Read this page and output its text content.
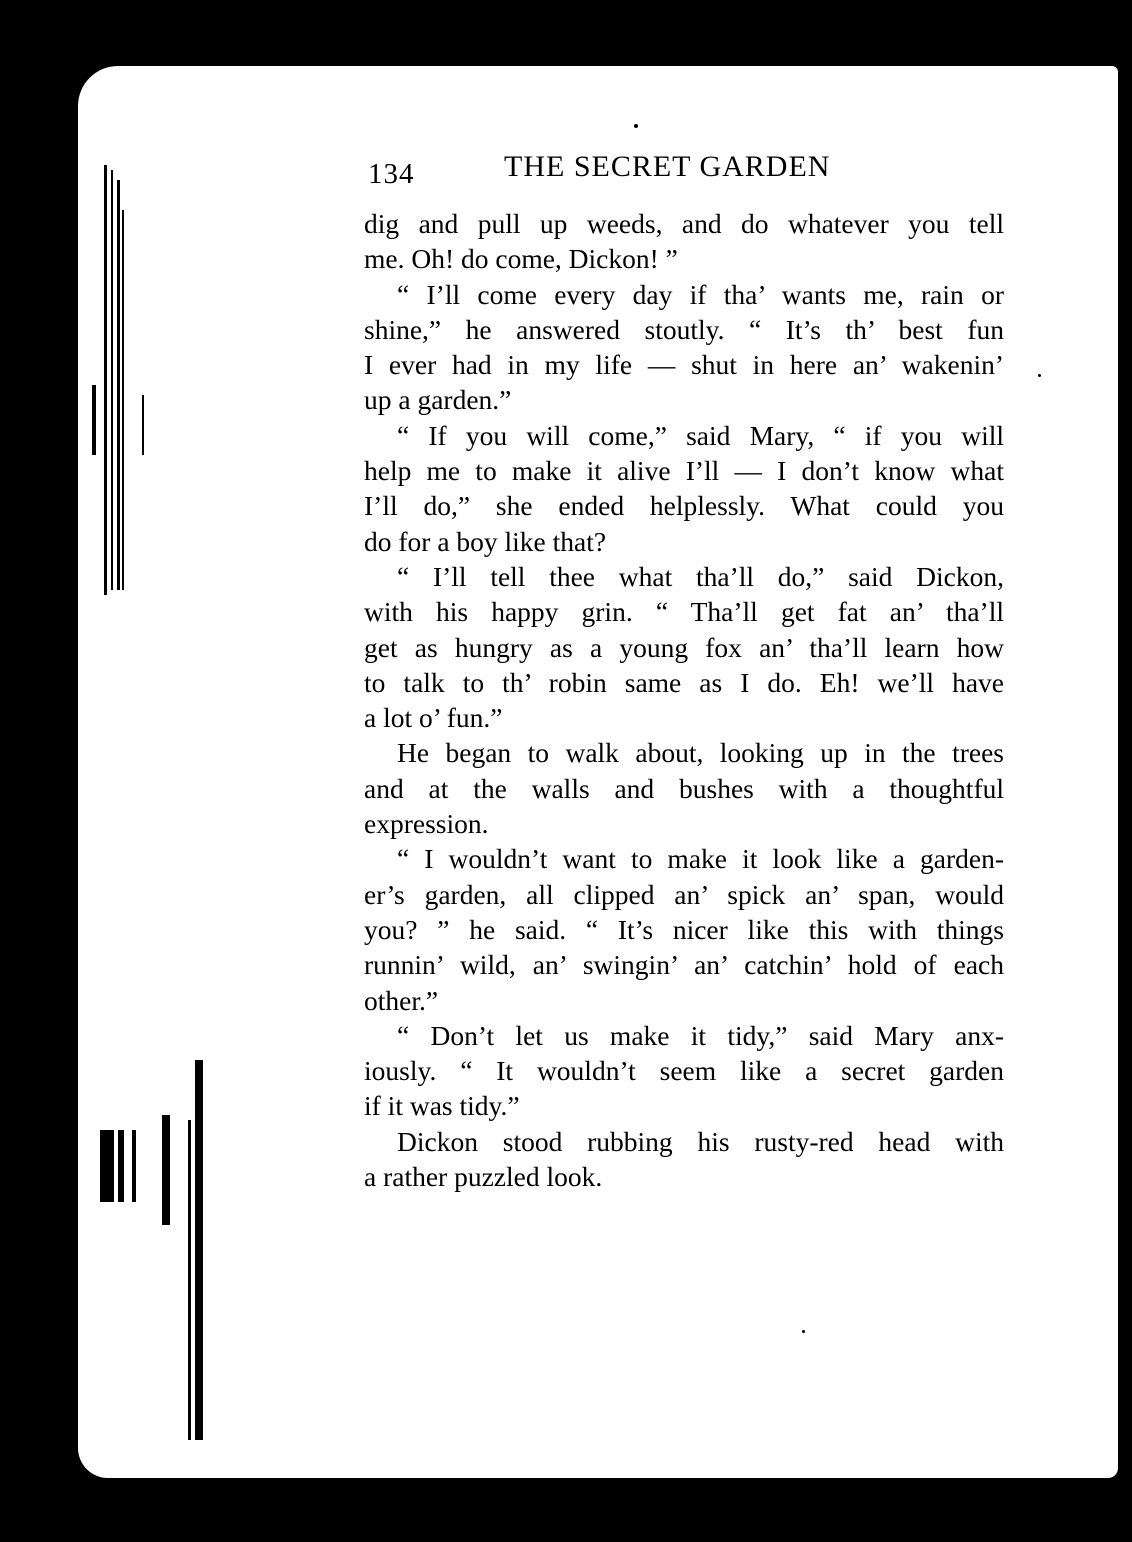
134	THE SECRET GARDEN
dig and pull up weeds, and do whatever you tell
me. Oh! do come, Dickon! ”
“ I’ll come every day if tha’ wants me, rain or
shine,” he answered stoutly. “ It’s th’ best fun
I ever had in my life — shut in here an’ wakenin’
up a garden.”
“ If you will come,” said Mary, “ if you will
help me to make it alive I’ll — I don’t know what
I’ll do,” she ended helplessly. What could you
do for a boy like that?
“ I’ll tell thee what tha’ll do,” said Dickon,
with his happy grin. “ Tha’ll get fat an’ tha’ll
get as hungry as a young fox an’ tha’ll learn how
to talk to th’ robin same as I do. Eh! we’ll have
a lot o’ fun.”
He began to walk about, looking up in the trees
and at the walls and bushes with a thoughtful
expression.
“ I wouldn’t want to make it look like a garden-
er’s garden, all clipped an’ spick an’ span, would
you? ” he said. “ It’s nicer like this with things
runnin’ wild, an’ swingin’ an’ catchin’ hold of each
other.”
“ Don’t let us make it tidy,” said Mary anx-
iously. “ It wouldn’t seem like a secret garden
if it was tidy.”
Dickon stood rubbing his rusty-red head with
a rather puzzled look.
